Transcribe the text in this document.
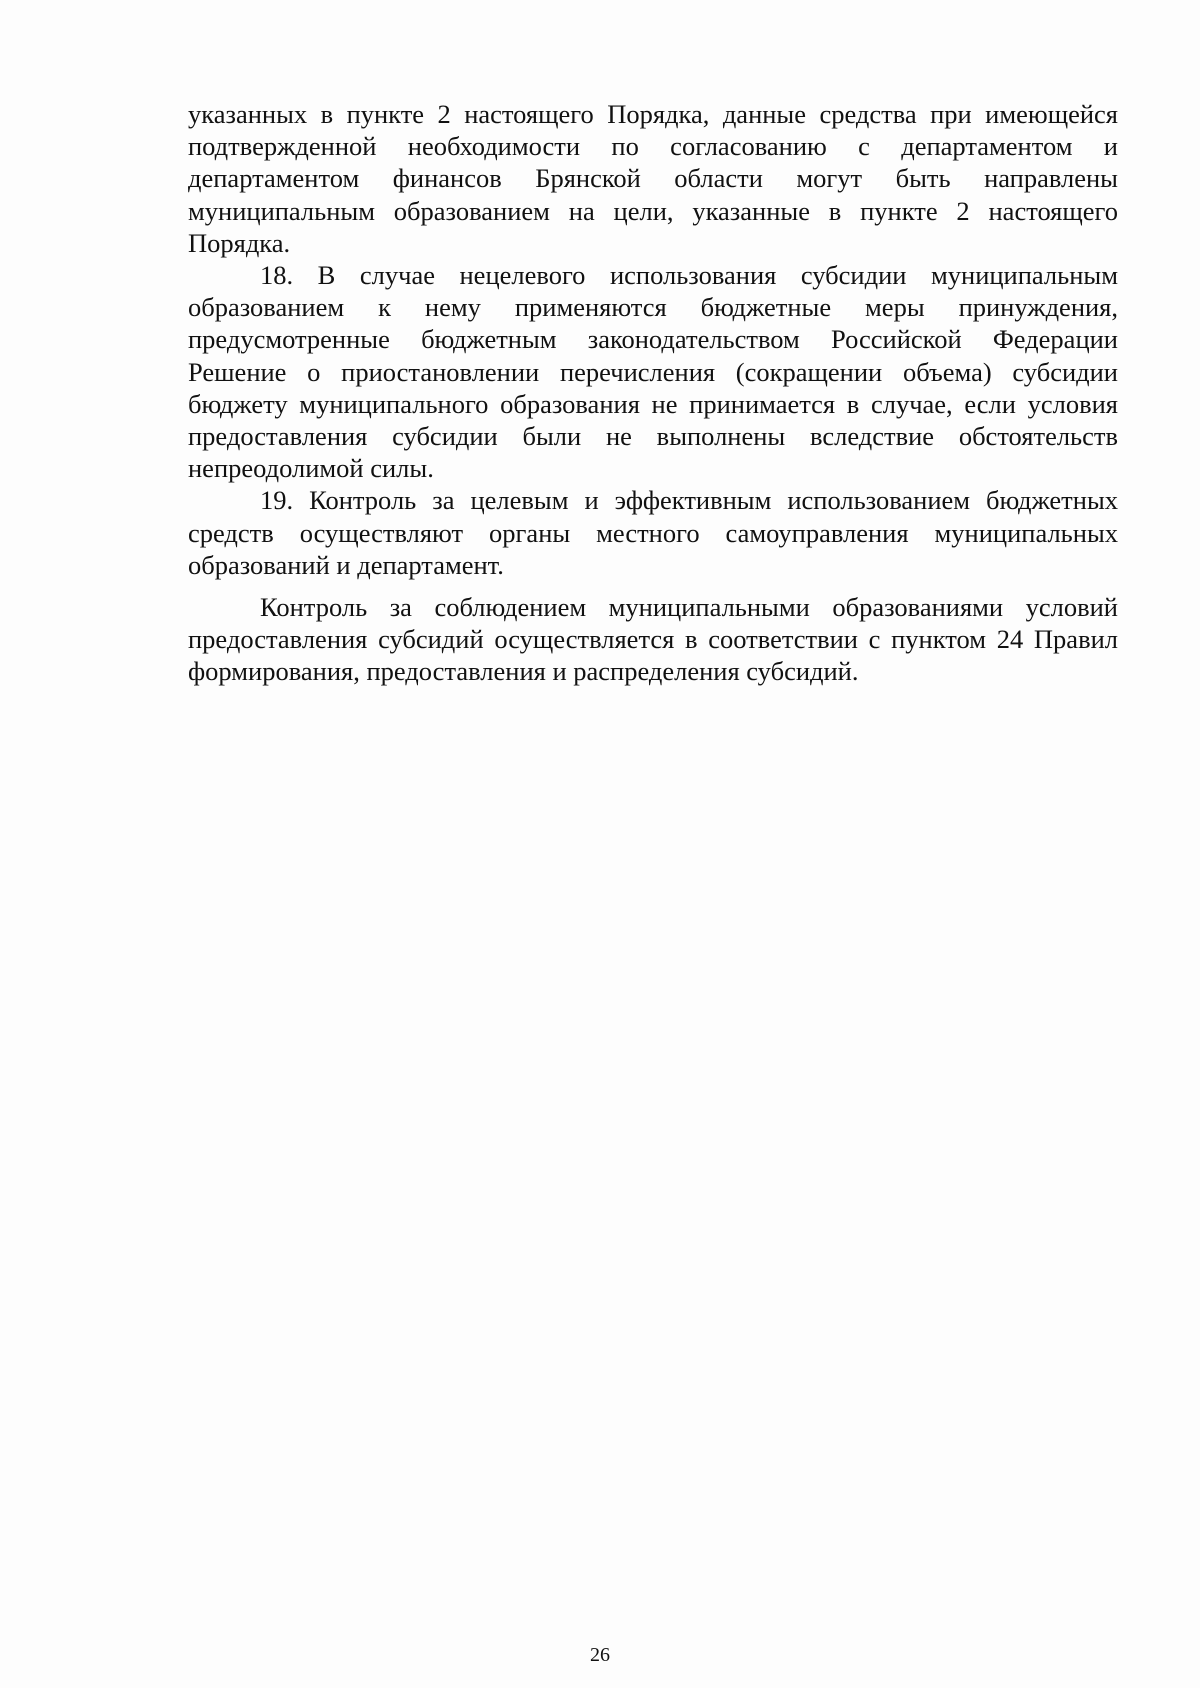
указанных в пункте 2 настоящего Порядка, данные средства при имеющейся подтвержденной необходимости по согласованию с департаментом и департаментом финансов Брянской области могут быть направлены муниципальным образованием на цели, указанные в пункте 2 настоящего Порядка.

18. В случае нецелевого использования субсидии муниципальным образованием к нему применяются бюджетные меры принуждения, предусмотренные бюджетным законодательством Российской Федерации Решение о приостановлении перечисления (сокращении объема) субсидии бюджету муниципального образования не принимается в случае, если условия предоставления субсидии были не выполнены вследствие обстоятельств непреодолимой силы.

19. Контроль за целевым и эффективным использованием бюджетных средств осуществляют органы местного самоуправления муниципальных образований и департамент.

Контроль за соблюдением муниципальными образованиями условий предоставления субсидий осуществляется в соответствии с пунктом 24 Правил формирования, предоставления и распределения субсидий.

26
